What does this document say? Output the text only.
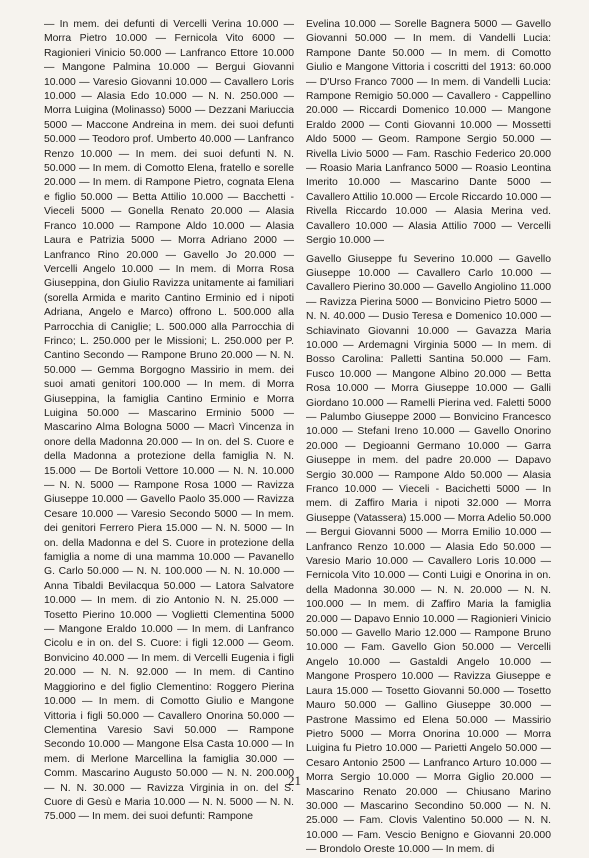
— In mem. dei defunti di Vercelli Verina 10.000 — Morra Pietro 10.000 — Fernicola Vito 6000 — Ragionieri Vinicio 50.000 — Lanfranco Ettore 10.000 — Mangone Palmina 10.000 — Bergui Giovanni 10.000 — Varesio Giovanni 10.000 — Cavallero Loris 10.000 — Alasia Edo 10.000 — N. N. 250.000 — Morra Luigina (Molinasso) 5000 — Dezzani Mariuccia 5000 — Maccone Andreina in mem. dei suoi defunti 50.000 — Teodoro prof. Umberto 40.000 — Lanfranco Renzo 10.000 — In mem. dei suoi defunti N. N. 50.000 — In mem. di Comotto Elena, fratello e sorelle 20.000 — In mem. di Rampone Pietro, cognata Elena e figlio 50.000 — Betta Attilio 10.000 — Bacchetti - Vieceli 5000 — Gonella Renato 20.000 — Alasia Franco 10.000 — Rampone Aldo 10.000 — Alasia Laura e Patrizia 5000 — Morra Adriano 2000 — Lanfranco Rino 20.000 — Gavello Jo 20.000 — Vercelli Angelo 10.000 — In mem. di Morra Rosa Giuseppina, don Giulio Ravizza unitamente ai familiari (sorella Armida e marito Cantino Erminio ed i nipoti Adriana, Angelo e Marco) offrono L. 500.000 alla Parrocchia di Caniglie; L. 500.000 alla Parrocchia di Frinco; L. 250.000 per le Missioni; L. 250.000 per P. Cantino Secondo — Rampone Bruno 20.000 — N. N. 50.000 — Gemma Borgogno Massirio in mem. dei suoi amati genitori 100.000 — In mem. di Morra Giuseppina, la famiglia Cantino Erminio e Morra Luigina 50.000 — Mascarino Erminio 5000 — Mascarino Alma Bologna 5000 — Macrì Vincenza in onore della Madonna 20.000 — In on. del S. Cuore e della Madonna a protezione della famiglia N. N. 15.000 — De Bortoli Vettore 10.000 — N. N. 10.000 — N. N. 5000 — Rampone Rosa 1000 — Ravizza Giuseppe 10.000 — Gavello Paolo 35.000 — Ravizza Cesare 10.000 — Varesio Secondo 5000 — In mem. dei genitori Ferrero Piera 15.000 — N. N. 5000 — In on. della Madonna e del S. Cuore in protezione della famiglia a nome di una mamma 10.000 — Pavanello G. Carlo 50.000 — N. N. 100.000 — N. N. 10.000 — Anna Tibaldi Bevilacqua 50.000 — Latora Salvatore 10.000 — In mem. di zio Antonio N. N. 25.000 — Tosetto Pierino 10.000 — Voglietti Clementina 5000 — Mangone Eraldo 10.000 — In mem. di Lanfranco Cicolu e in on. del S. Cuore: i figli 12.000 — Geom. Bonvicino 40.000 — In mem. di Vercelli Eugenia i figli 20.000 — N. N. 92.000 — In mem. di Cantino Maggiorino e del figlio Clementino: Roggero Pierina 10.000 — In mem. di Comotto Giulio e Mangone Vittoria i figli 50.000 — Cavallero Onorina 50.000 — Clementina Varesio Savi 50.000 — Rampone Secondo 10.000 — Mangone Elsa Casta 10.000 — In mem. di Merlone Marcellina la famiglia 30.000 — Comm. Mascarino Augusto 50.000 — N. N. 200.000 — N. N. 30.000 — Ravizza Virginia in on. del S. Cuore di Gesù e Maria 10.000 — N. N. 5000 — N. N. 75.000 — In mem. dei suoi defunti: Rampone

Evelina 10.000 — Sorelle Bagnera 5000 — Gavello Giovanni 50.000 — In mem. di Vandelli Lucia: Rampone Dante 50.000 — In mem. di Comotto Giulio e Mangone Vittoria i coscritti del 1913: 60.000 — D'Urso Franco 7000 — In mem. di Vandelli Lucia: Rampone Remigio 50.000 — Cavallero - Cappellino 20.000 — Riccardi Domenico 10.000 — Mangone Eraldo 2000 — Conti Giovanni 10.000 — Mossetti Aldo 5000 — Geom. Rampone Sergio 50.000 — Rivella Livio 5000 — Fam. Raschio Federico 20.000 — Roasio Maria Lanfranco 5000 — Roasio Leontina Imerito 10.000 — Mascarino Dante 5000 — Cavallero Attilio 10.000 — Ercole Riccardo 10.000 — Rivella Riccardo 10.000 — Alasia Merina ved. Cavallero 10.000 — Alasia Attilio 7000 — Vercelli Sergio 10.000 —

Gavello Giuseppe fu Severino 10.000 — Gavello Giuseppe 10.000 — Cavallero Carlo 10.000 — Cavallero Pierino 30.000 — Gavello Angiolino 11.000 — Ravizza Pierina 5000 — Bonvicino Pietro 5000 — N. N. 40.000 — Dusio Teresa e Domenico 10.000 — Schiavinato Giovanni 10.000 — Gavazza Maria 10.000 — Ardemagni Virginia 5000 — In mem. di Bosso Carolina: Palletti Santina 50.000 — Fam. Fusco 10.000 — Mangone Albino 20.000 — Betta Rosa 10.000 — Morra Giuseppe 10.000 — Galli Giordano 10.000 — Ramelli Pierina ved. Faletti 5000 — Palumbo Giuseppe 2000 — Bonvicino Francesco 10.000 — Stefani Ireno 10.000 — Gavello Onorino 20.000 — Degioanni Germano 10.000 — Garra Giuseppe in mem. del padre 20.000 — Dapavo Sergio 30.000 — Rampone Aldo 50.000 — Alasia Franco 10.000 — Vieceli - Bacichetti 5000 — In mem. di Zaffiro Maria i nipoti 32.000 — Morra Giuseppe (Vatassera) 15.000 — Morra Adelio 50.000 — Bergui Giovanni 5000 — Morra Emilio 10.000 — Lanfranco Renzo 10.000 — Alasia Edo 50.000 — Varesio Mario 10.000 — Cavallero Loris 10.000 — Fernicola Vito 10.000 — Conti Luigi e Onorina in on. della Madonna 30.000 — N. N. 20.000 — N. N. 100.000 — In mem. di Zaffiro Maria la famiglia 20.000 — Dapavo Ennio 10.000 — Ragionieri Vinicio 50.000 — Gavello Mario 12.000 — Rampone Bruno 10.000 — Fam. Gavello Gion 50.000 — Vercelli Angelo 10.000 — Gastaldi Angelo 10.000 — Mangone Prospero 10.000 — Ravizza Giuseppe e Laura 15.000 — Tosetto Giovanni 50.000 — Tosetto Mauro 50.000 — Gallino Giuseppe 30.000 — Pastrone Massimo ed Elena 50.000 — Massirio Pietro 5000 — Morra Onorina 10.000 — Morra Luigina fu Pietro 10.000 — Parietti Angelo 50.000 — Cesaro Antonio 2500 — Lanfranco Arturo 10.000 — Morra Sergio 10.000 — Morra Giglio 20.000 — Mascarino Renato 20.000 — Chiusano Marino 30.000 — Mascarino Secondino 50.000 — N. N. 25.000 — Fam. Clovis Valentino 50.000 — N. N. 10.000 — Fam. Vescio Benigno e Giovanni 20.000 — Brondolo Oreste 10.000 — In mem. di

21
